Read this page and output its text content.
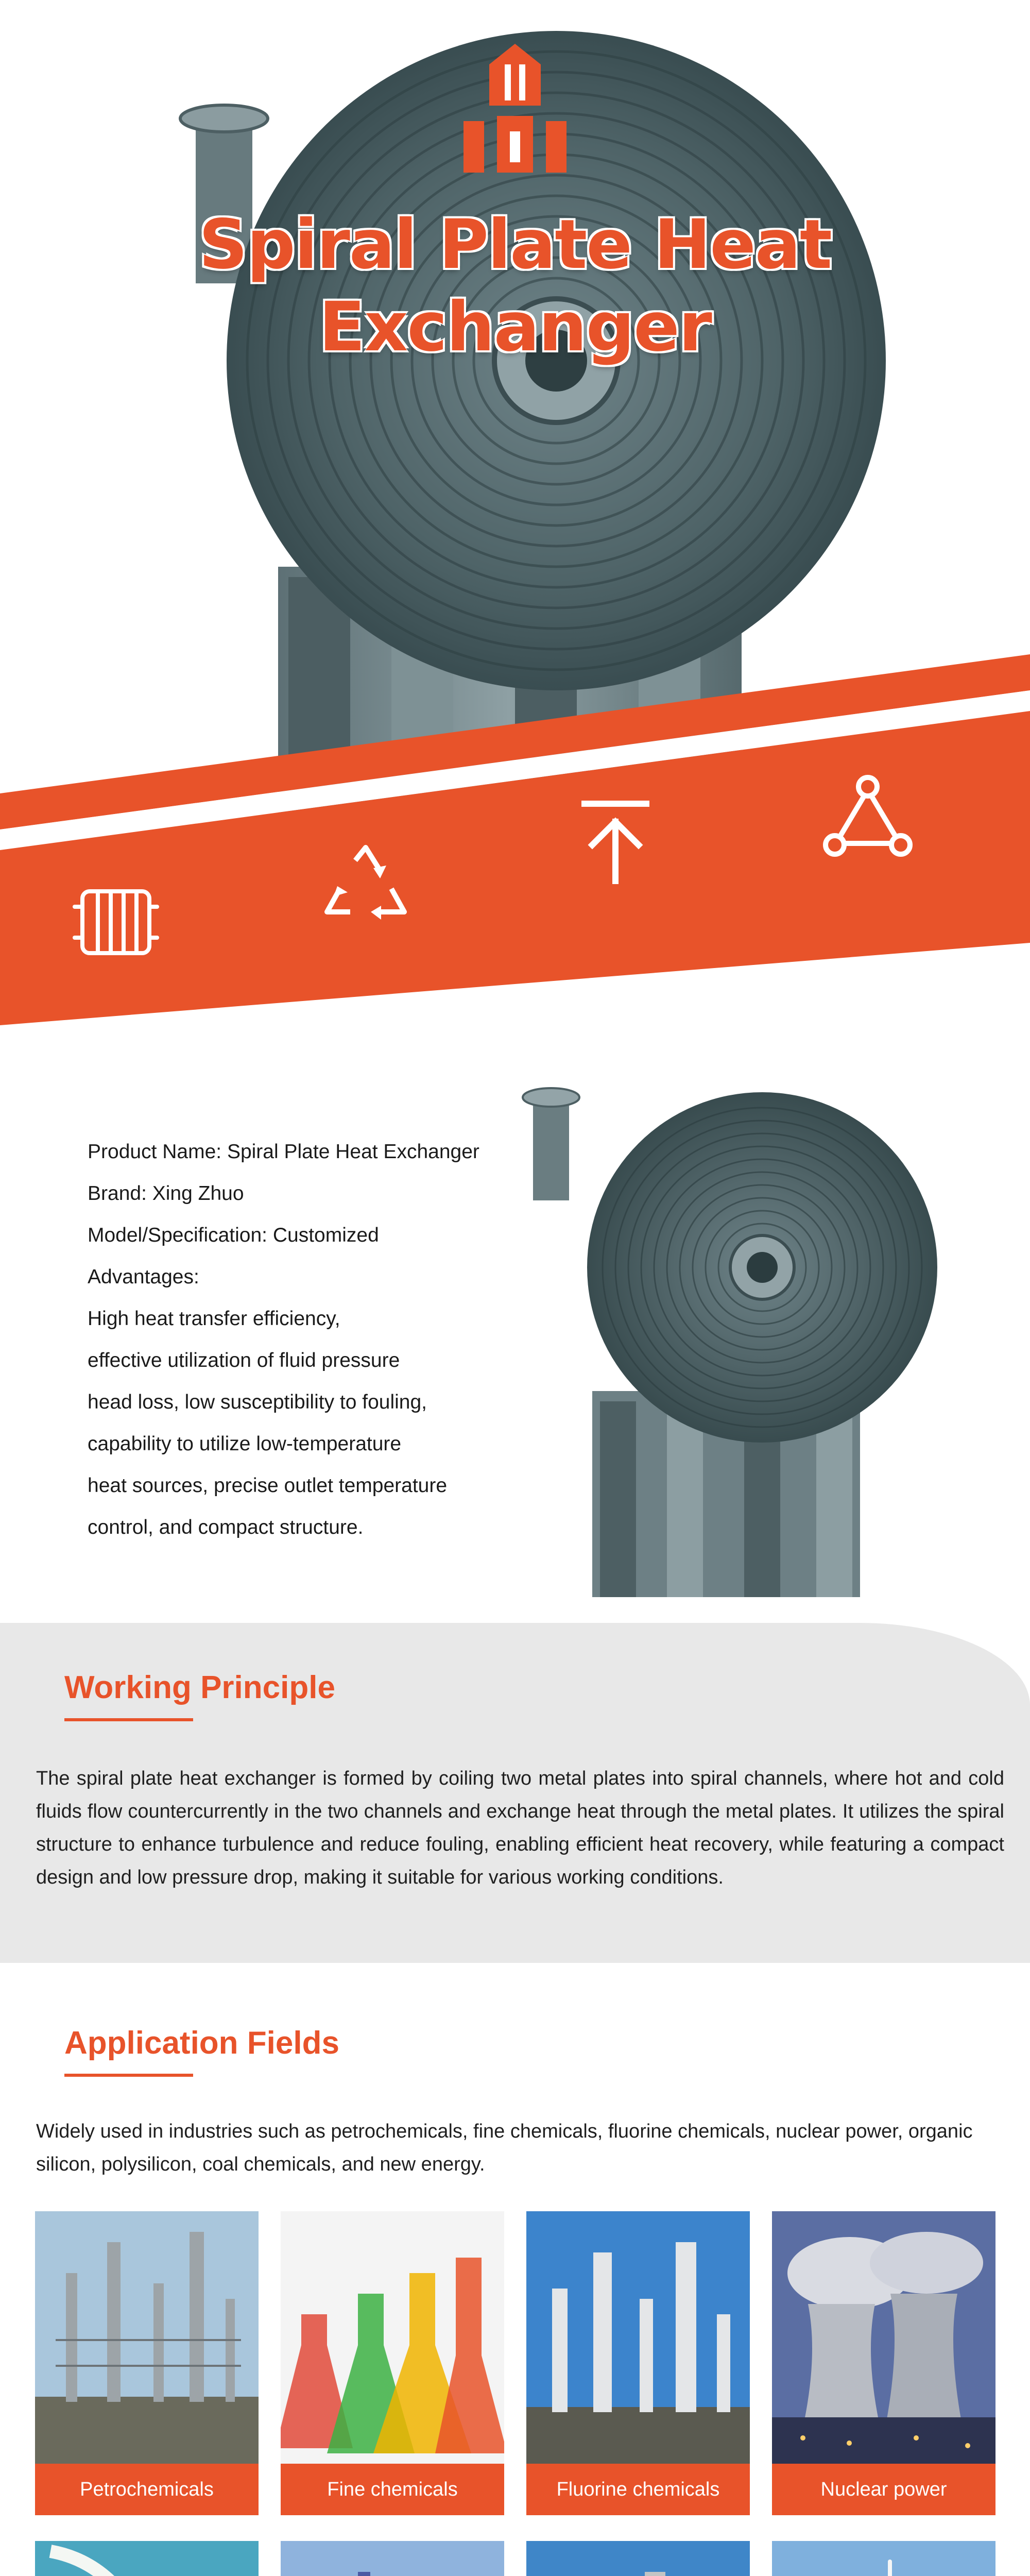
Spiral Plate Heat
Exchanger
Product Name: Spiral Plate Heat Exchanger
Brand: Xing Zhuo
Model/Specification: Customized
Advantages:
High heat transfer efficiency,
effective utilization of fluid pressure
head loss, low susceptibility to fouling,
capability to utilize low-temperature
heat sources, precise outlet temperature
control, and compact structure.
Working Principle

The spiral plate heat exchanger is formed by coiling two metal plates into spiral channels, where hot and cold fluids flow countercurrently in the two channels and exchange heat through the metal plates. It utilizes the spiral structure to enhance turbulence and reduce fouling, enabling efficient heat recovery, while featuring a compact design and low pressure drop, making it suitable for various working conditions.

Application Fields

Widely used in industries such as petrochemicals, fine chemicals, fluorine chemicals, nuclear power, organic silicon, polysilicon, coal chemicals, and new energy.

Petrochemicals	Fine chemicals	Fluorine chemicals	Nuclear power
